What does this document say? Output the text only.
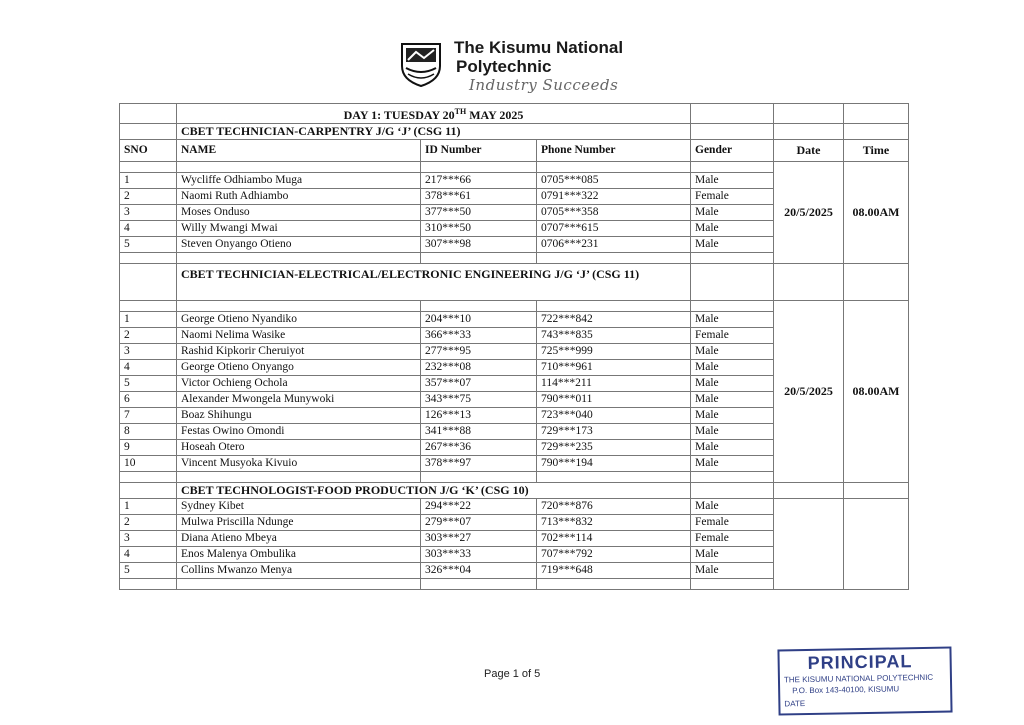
The Kisumu National
Polytechnic
Industry Succeeds
	DAY 1: TUESDAY 20TH MAY 2025					
	CBET TECHNICIAN-CARPENTRY J/G ‘J’ (CSG 11)					
SNO	NAME	ID Number	Phone Number	Gender	Date	Time
					20/5/2025	08.00AM
1	Wycliffe Odhiambo Muga	217***66	0705***085	Male		
2	Naomi Ruth Adhiambo	378***61	0791***322	Female		
3	Moses Onduso	377***50	0705***358	Male		
4	Willy Mwangi Mwai	310***50	0707***615	Male		
5	Steven Onyango Otieno	307***98	0706***231	Male		

	CBET TECHNICIAN-ELECTRICAL/ELECTRONIC ENGINEERING J/G ‘J’ (CSG 11)					
					20/5/2025	08.00AM
1	George Otieno Nyandiko	204***10	722***842	Male		
2	Naomi Nelima Wasike	366***33	743***835	Female		
3	Rashid Kipkorir Cheruiyot	277***95	725***999	Male		
4	George Otieno Onyango	232***08	710***961	Male		
5	Victor Ochieng Ochola	357***07	114***211	Male		
6	Alexander Mwongela Munywoki	343***75	790***011	Male		
7	Boaz Shihungu	126***13	723***040	Male		
8	Festas Owino Omondi	341***88	729***173	Male		
9	Hoseah Otero	267***36	729***235	Male		
10	Vincent Musyoka Kivuio	378***97	790***194	Male		

	CBET TECHNOLOGIST-FOOD PRODUCTION J/G ‘K’ (CSG 10)					
1	Sydney Kibet	294***22	720***876	Male		
2	Mulwa Priscilla Ndunge	279***07	713***832	Female		
3	Diana Atieno Mbeya	303***27	702***114	Female		
4	Enos Malenya Ombulika	303***33	707***792	Male		
5	Collins Mwanzo Menya	326***04	719***648	Male		

Page 1 of 5
PRINCIPAL
THE KISUMU NATIONAL POLYTECHNIC
P.O. Box 143-40100, KISUMU
DATE
